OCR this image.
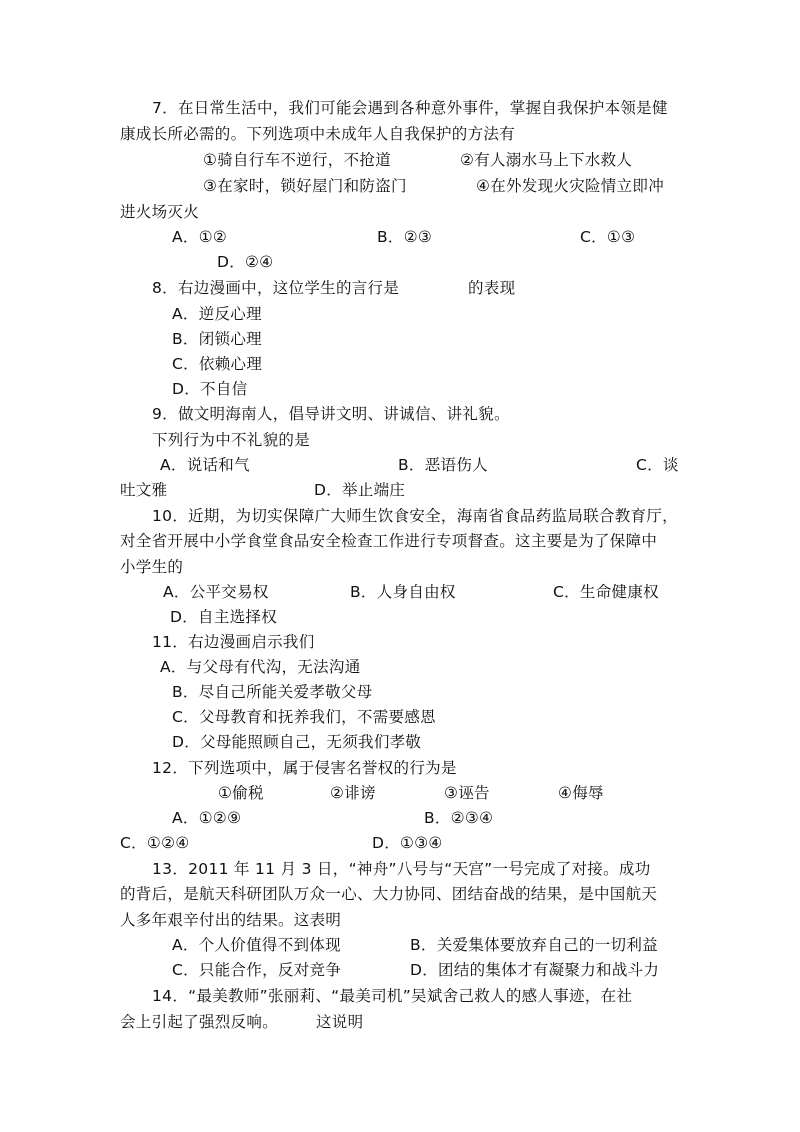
7．在日常生活中，我们可能会遇到各种意外事件，掌握自我保护本领是健
康成长所必需的。下列选项中未成年人自我保护的方法有
①骑自行车不逆行，不抢道	②有人溺水马上下水救人
③在家时，锁好屋门和防盗门	④在外发现火灾险情立即冲
进火场灭火
A．①②	B．②③	C．①③
D．②④
8．右边漫画中，这位学生的言行是	的表现
A．逆反心理
B．闭锁心理
C．依赖心理
D．不自信
9．做文明海南人，倡导讲文明、讲诚信、讲礼貌。
下列行为中不礼貌的是
A．说话和气	B．恶语伤人	C．谈
吐文雅	D．举止端庄
10．近期，为切实保障广大师生饮食安全，海南省食品药监局联合教育厅，
对全省开展中小学食堂食品安全检查工作进行专项督查。这主要是为了保障中
小学生的
A．公平交易权	B．人身自由权	C．生命健康权
D．自主选择权
11．右边漫画启示我们
A．与父母有代沟，无法沟通
B．尽自己所能关爱孝敬父母
C．父母教育和抚养我们，不需要感恩
D．父母能照顾自己，无须我们孝敬
12．下列选项中，属于侵害名誉权的行为是
①偷税	②诽谤	③诬告	④侮辱
A．①②⑨	B．②③④
C．①②④	D．①③④
13．2011 年 11 月 3 日，“神舟”八号与“天宫”一号完成了对接。成功
的背后，是航天科研团队万众一心、大力协同、团结奋战的结果，是中国航天
人多年艰辛付出的结果。这表明
A．个人价值得不到体现	B．关爱集体要放弃自己的一切利益
C．只能合作，反对竞争	D．团结的集体才有凝聚力和战斗力
14．“最美教师”张丽莉、“最美司机”吴斌舍己救人的感人事迹，在社
会上引起了强烈反响。 这说明
